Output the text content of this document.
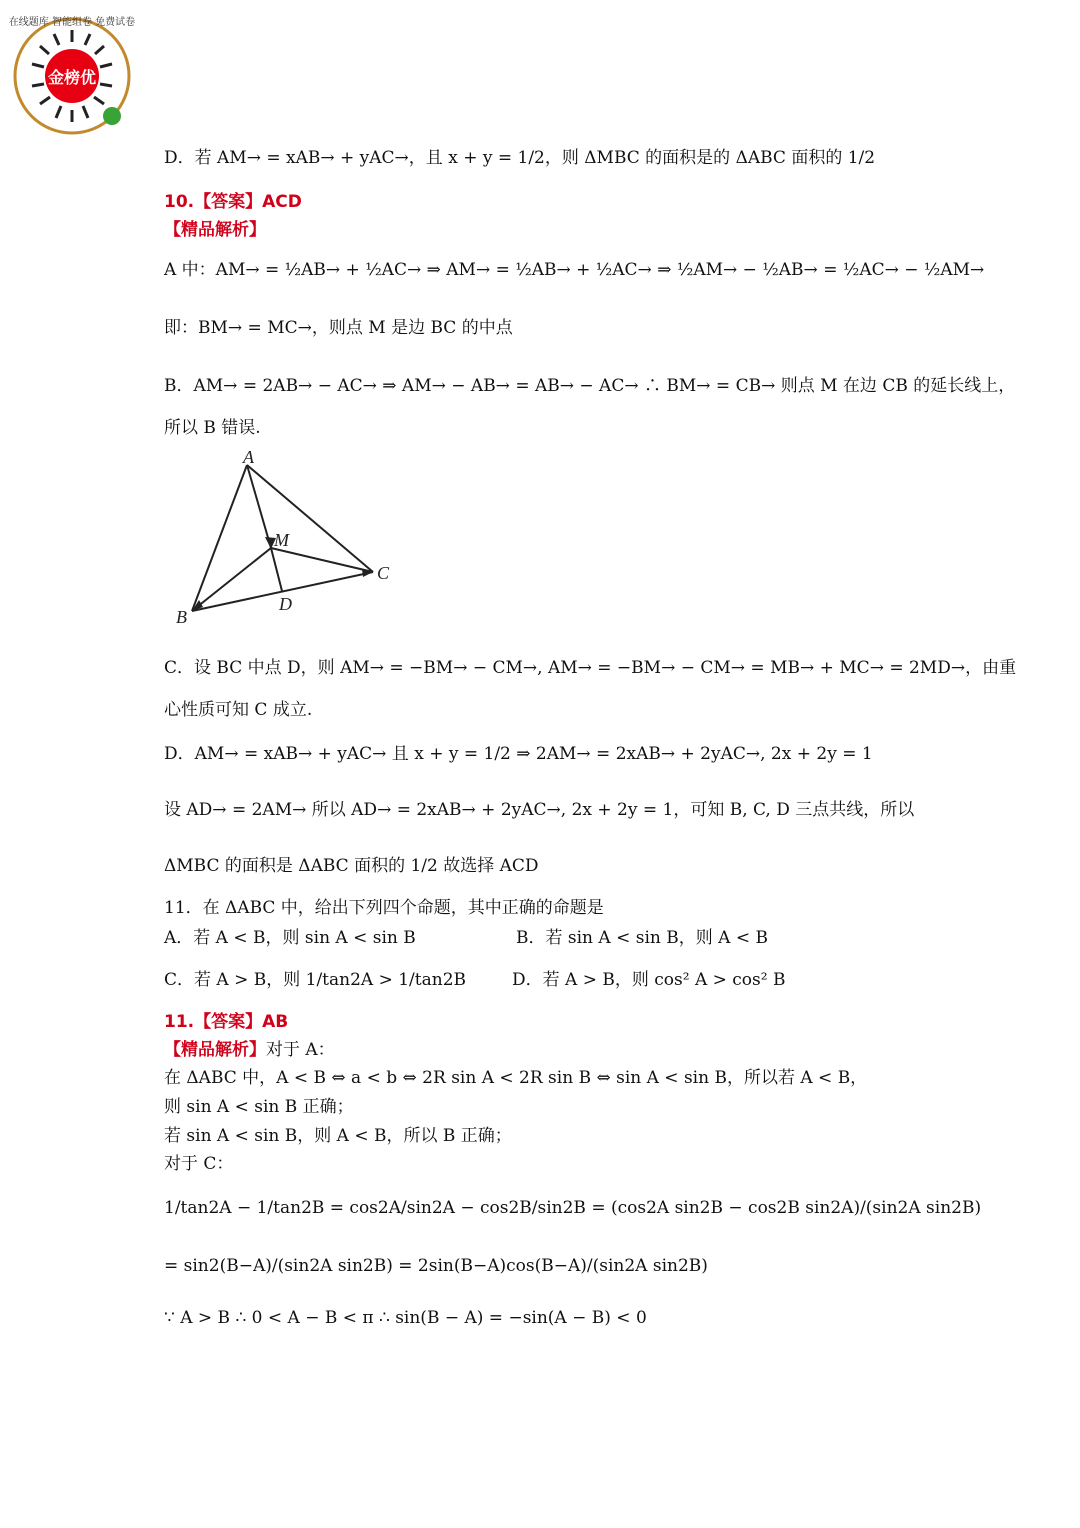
金榜优
在线题库 智能组卷 免费试卷
D．若 AM→ = xAB→ + yAC→，且 x + y = 1/2，则 ΔMBC 的面积是的 ΔABC 面积的 1/2
10.【答案】ACD
【精品解析】
A 中：AM→ = ½AB→ + ½AC→ ⇒ AM→ = ½AB→ + ½AC→ ⇒ ½AM→ − ½AB→ = ½AC→ − ½AM→
即：BM→ = MC→，则点 M 是边 BC 的中点
B．AM→ = 2AB→ − AC→ ⇒ AM→ − AB→ = AB→ − AC→ ∴ BM→ = CB→ 则点 M 在边 CB 的延长线上，
所以 B 错误.
A
M
C
B
D
C．设 BC 中点 D，则 AM→ = −BM→ − CM→, AM→ = −BM→ − CM→ = MB→ + MC→ = 2MD→，由重
心性质可知 C 成立.
D．AM→ = xAB→ + yAC→ 且 x + y = 1/2 ⇒ 2AM→ = 2xAB→ + 2yAC→, 2x + 2y = 1
设 AD→ = 2AM→ 所以 AD→ = 2xAB→ + 2yAC→, 2x + 2y = 1，可知 B, C, D 三点共线，所以
ΔMBC 的面积是 ΔABC 面积的 1/2 故选择 ACD
11．在 ΔABC 中，给出下列四个命题，其中正确的命题是
A．若 A < B，则 sin A < sin B	B．若 sin A < sin B，则 A < B
C．若 A > B，则 1/tan2A > 1/tan2B	D．若 A > B，则 cos² A > cos² B
11.【答案】AB
【精品解析】对于 A：
在 ΔABC 中，A < B ⇔ a < b ⇔ 2R sin A < 2R sin B ⇔ sin A < sin B，所以若 A < B，
则 sin A < sin B 正确；
若 sin A < sin B，则 A < B，所以 B 正确；
对于 C：
1/tan2A − 1/tan2B = cos2A/sin2A − cos2B/sin2B = (cos2A sin2B − cos2B sin2A)/(sin2A sin2B)
= sin2(B−A)/(sin2A sin2B) = 2sin(B−A)cos(B−A)/(sin2A sin2B)
∵ A > B ∴ 0 < A − B < π ∴ sin(B − A) = −sin(A − B) < 0
